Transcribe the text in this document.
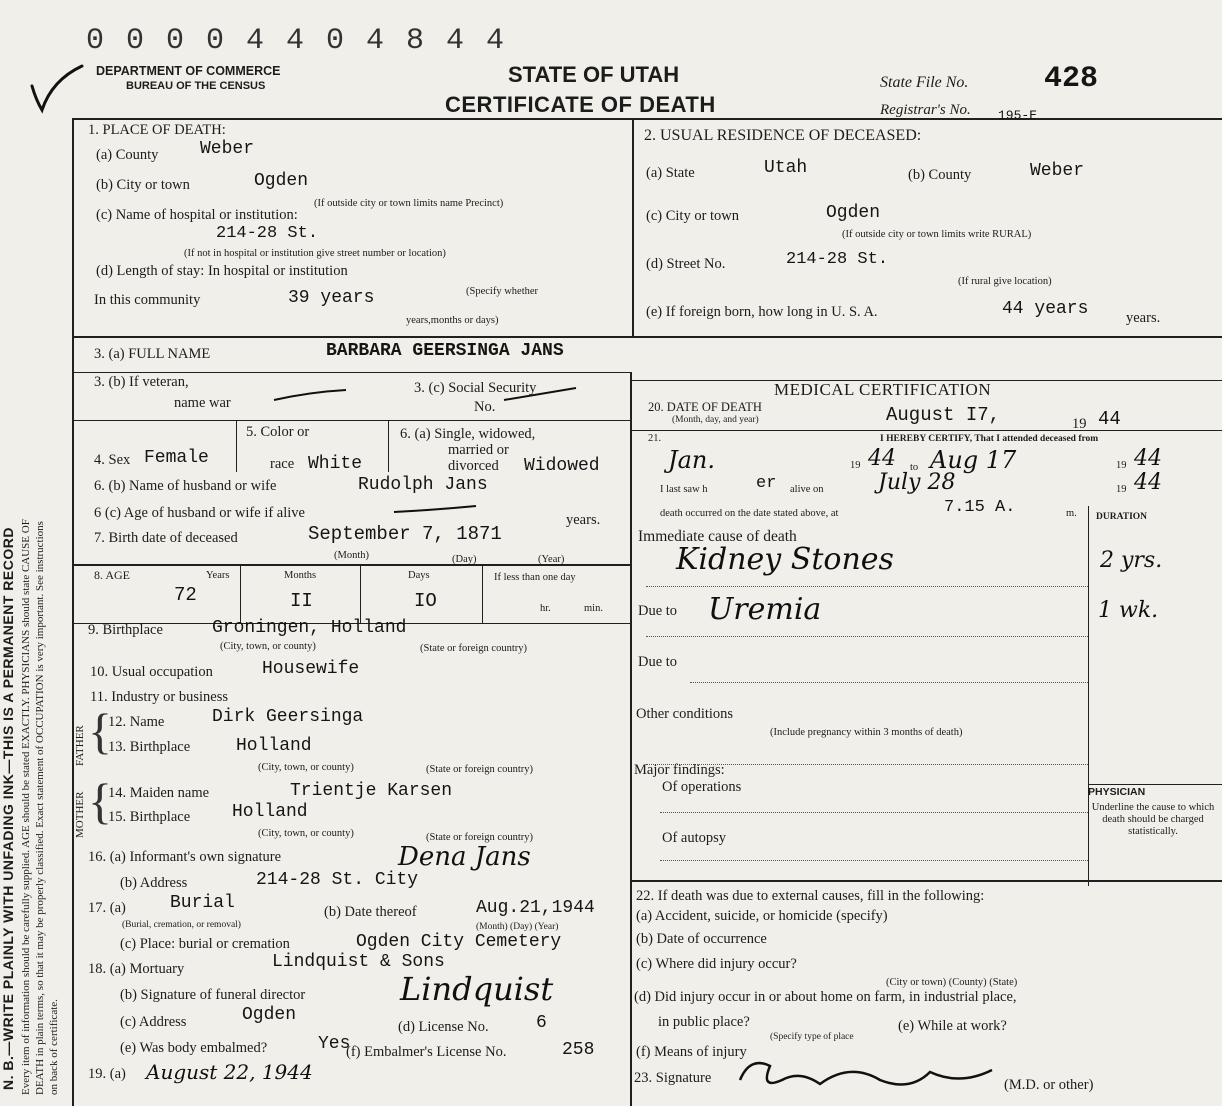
N. B.—WRITE PLAINLY WITH UNFADING INK—THIS IS A PERMANENT RECORD Every item of information should be carefully supplied. AGE should be stated EXACTLY. PHYSICIANS should state CAUSE OF DEATH in plain terms, so that it may be properly classified. Exact statement of OCCUPATION is very important. See instructions on back of certificate.
0 0 0 0 4 4 0 4 8 4 4
DEPARTMENT OF COMMERCE
BUREAU OF THE CENSUS	STATE OF UTAH
CERTIFICATE OF DEATH
State File No.	428
Registrar's No. 195-E
1. PLACE OF DEATH:
(a) County Weber
(b) City or town	Ogden
(If outside city or town limits name Precinct)
(c) Name of hospital or institution:
214-28 St.
(If not in hospital or institution give street number or location)
(d) Length of stay: In hospital or institution
In this community	39 years	(Specify whether
years,months or days)
2. USUAL RESIDENCE OF DECEASED:
(a) State	Utah	(b) County	Weber
(c) City or town	Ogden
(If outside city or town limits write RURAL)
(d) Street No.	214-28 St.
(If rural give location)
(e) If foreign born, how long in U. S. A.	44 years	years.
3. (a) FULL NAME	BARBARA GEERSINGA JANS
3. (b) If veteran,
name war
3. (c) Social Security
No.
4. Sex Female
5. Color or
race White
6. (a) Single, widowed,
married or
divorced Widowed
6. (b) Name of husband or wife	Rudolph Jans
6 (c) Age of husband or wife if alive	years.
7. Birth date of deceased	September 7, 1871
(Month)	(Day)	(Year)
8. AGE	Years	Months	Days	If less than one day
72	II	IO	hr.	min.
9. Birthplace	Groningen, Holland
(City, town, or county)	(State or foreign country)
10. Usual occupation	Housewife
11. Industry or business
FATHER
MOTHER
{
{
12. Name	Dirk Geersinga
13. Birthplace	Holland
(City, town, or county)	(State or foreign country)
14. Maiden name	Trientje Karsen
15. Birthplace Holland
(City, town, or county)	(State or foreign country)
16. (a) Informant's own signature	Dena Jans
(b) Address	214-28 St. City
17. (a) Burial
(Burial, cremation, or removal)
(b) Date thereof	Aug.21,1944
(Month) (Day) (Year)
(c) Place: burial or cremation	Ogden City Cemetery
18. (a) Mortuary	Lindquist & Sons
(b) Signature of funeral director	Lindquist
(c) Address	Ogden
(d) License No.	6
(e) Was body embalmed?	Yes
(f) Embalmer's License No.	258
19. (a) August 22, 1944
MEDICAL CERTIFICATION
20. DATE OF DEATH
(Month, day, and year)	August I7,	19 44
21.	I HEREBY CERTIFY, That I attended deceased from
Jan.	19 44 to Aug 17	19 44
I last saw h	er alive on July 28	19 44
death occurred on the date stated above, at	7.15 A.	m. DURATION
Immediate cause of death
Kidney Stones	2 yrs.
Due to Uremia	1 wk.
Due to
Other conditions
(Include pregnancy within 3 months of death)
Major findings:
Of operations
Of autopsy
PHYSICIAN
Underline the cause to which death should be charged statistically.
22. If death was due to external causes, fill in the following:
(a) Accident, suicide, or homicide (specify)
(b) Date of occurrence
(c) Where did injury occur?
(City or town) (County) (State)
(d) Did injury occur in or about home on farm, in industrial place,
in public place?
(Specify type of place
(e) While at work?
(f) Means of injury
23. Signature	(M.D. or other)
